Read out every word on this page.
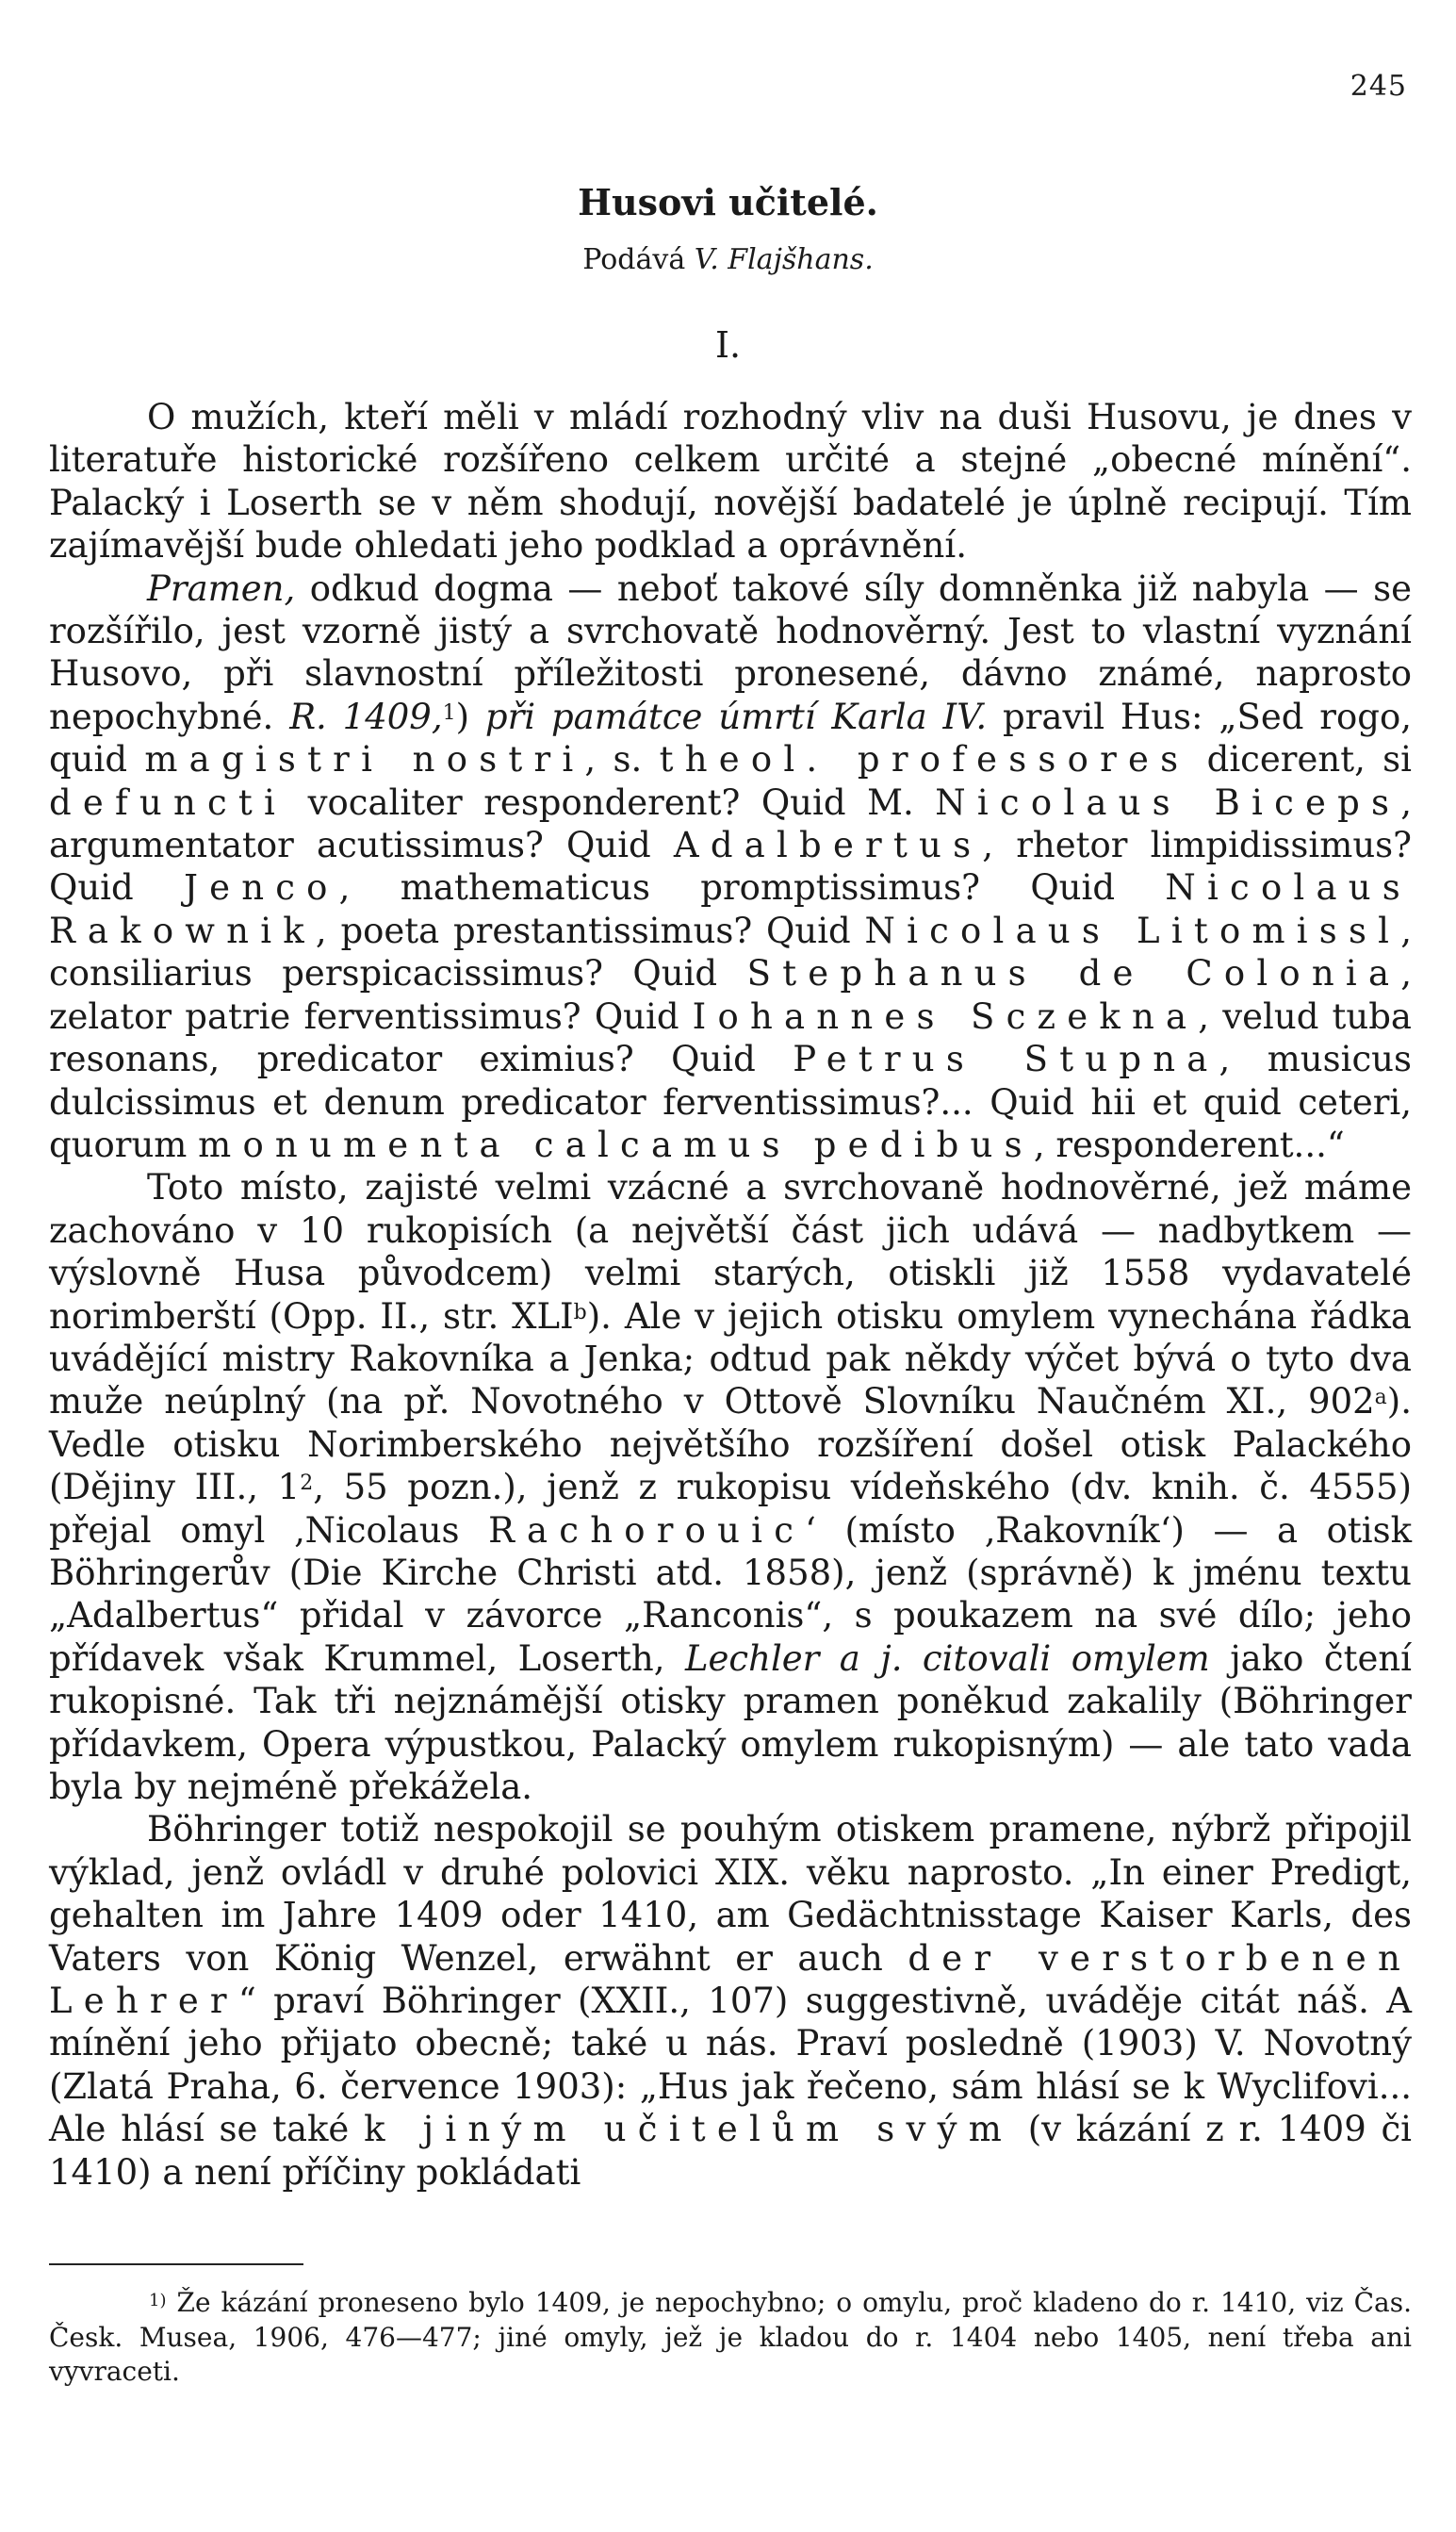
245
Husovi učitelé.
Podává V. Flajšhans.
I.

O mužích, kteří měli v mládí rozhodný vliv na duši Husovu, je dnes v literatuře historické rozšířeno celkem určité a stejné „obecné mínění“. Palacký i Loserth se v něm shodují, novější badatelé je úplně recipují. Tím zajímavější bude ohledati jeho podklad a oprávnění.

Pramen, odkud dogma — neboť takové síly domněnka již nabyla — se rozšířilo, jest vzorně jistý a svrchovatě hodnověrný. Jest to vlastní vyznání Husovo, při slavnostní příležitosti pronesené, dávno známé, naprosto nepochybné. R. 1409,$^1$) při památce úmrtí Karla IV. pravil Hus: „Sed rogo, quid magistri nostri, s. theol. professores dicerent, si defuncti vocaliter responderent? Quid M. Nicolaus Biceps, argumentator acutissimus? Quid Adalbertus, rhetor limpidissimus? Quid Jenco, mathematicus promptissimus? Quid Nicolaus Rakownik, poeta prestantissimus? Quid Nicolaus Litomissl, consiliarius perspicacissimus? Quid Stephanus de Colonia, zelator patrie ferventissimus? Quid Iohannes Sczekna, velud tuba resonans, predicator eximius? Quid Petrus Stupna, musicus dulcissimus et denum predicator ferventissimus?... Quid hii et quid ceteri, quorum monumenta calcamus pedibus, responderent...“

Toto místo, zajisté velmi vzácné a svrchovaně hodnověrné, jež máme zachováno v 10 rukopisích (a největší část jich udává — nadbytkem — výslovně Husa původcem) velmi starých, otiskli již 1558 vydavatelé norimberští (Opp. II., str. XLI$^b$). Ale v jejich otisku omylem vynechána řádka uvádějící mistry Rakovníka a Jenka; odtud pak někdy výčet bývá o tyto dva muže neúplný (na př. Novotného v Ottově Slovníku Naučném XI., 902$^a$). Vedle otisku Norimberského největšího rozšíření došel otisk Palackého (Dějiny III., $1^2$, 55 pozn.), jenž z rukopisu vídeňského (dv. knih. č. 4555) přejal omyl ‚Nicolaus Rachorouic‘ (místo ‚Rakovník‘) — a otisk Böhringerův (Die Kirche Christi atd. 1858), jenž (správně) k jménu textu „Adalbertus“ přidal v závorce „Ranconis“, s poukazem na své dílo; jeho přídavek však Krummel, Loserth, Lechler a j. citovali omylem jako čtení rukopisné. Tak tři nejznámější otisky pramen poněkud zakalily (Böhringer přídavkem, Opera výpustkou, Palacký omylem rukopisným) — ale tato vada byla by nejméně překážela.

Böhringer totiž nespokojil se pouhým otiskem pramene, nýbrž připojil výklad, jenž ovládl v druhé polovici XIX. věku naprosto. „In einer Predigt, gehalten im Jahre 1409 oder 1410, am Gedächtnisstage Kaiser Karls, des Vaters von König Wenzel, erwähnt er auch der verstorbenen Lehrer“ praví Böhringer (XXII., 107) suggestivně, uváděje citát náš. A mínění jeho přijato obecně; také u nás. Praví posledně (1903) V. Novotný (Zlatá Praha, 6. července 1903): „Hus jak řečeno, sám hlásí se k Wyclifovi... Ale hlásí se také k jiným učitelům svým (v kázání z r. 1409 či 1410) a není příčiny pokládati

$^{1)}$ Že kázání proneseno bylo 1409, je nepochybno; o omylu, proč kladeno do r. 1410, viz Čas. Česk. Musea, 1906, 476—477; jiné omyly, jež je kladou do r. 1404 nebo 1405, není třeba ani vyvraceti.
